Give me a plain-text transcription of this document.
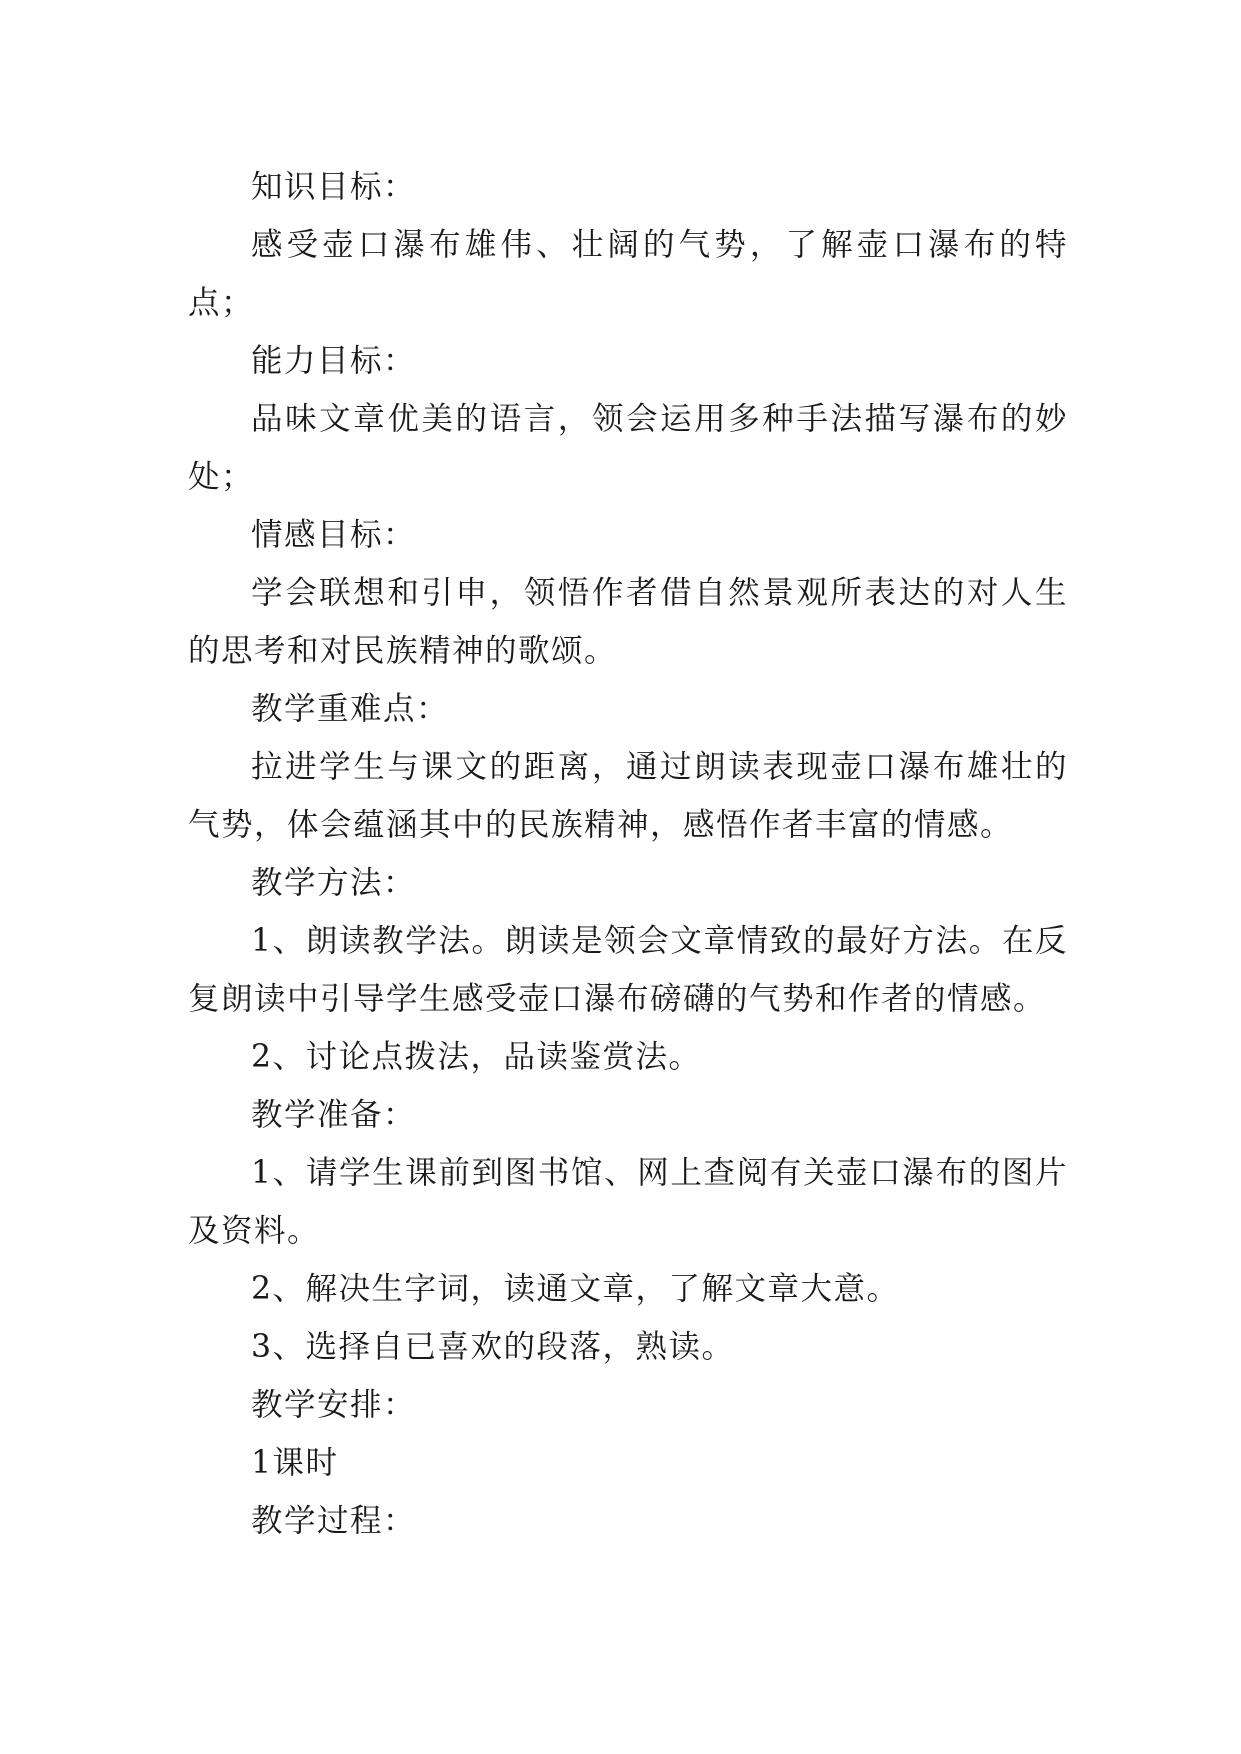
知识目标：

感受壶口瀑布雄伟、壮阔的气势，了解壶口瀑布的特点；

能力目标：

品味文章优美的语言，领会运用多种手法描写瀑布的妙处；

情感目标：

学会联想和引申，领悟作者借自然景观所表达的对人生的思考和对民族精神的歌颂。

教学重难点：

拉进学生与课文的距离，通过朗读表现壶口瀑布雄壮的气势，体会蕴涵其中的民族精神，感悟作者丰富的情感。

教学方法：

1、朗读教学法。朗读是领会文章情致的最好方法。在反复朗读中引导学生感受壶口瀑布磅礴的气势和作者的情感。

2、讨论点拨法，品读鉴赏法。

教学准备：

1、请学生课前到图书馆、网上查阅有关壶口瀑布的图片及资料。

2、解决生字词，读通文章，了解文章大意。

3、选择自已喜欢的段落，熟读。

教学安排：

1课时

教学过程：
